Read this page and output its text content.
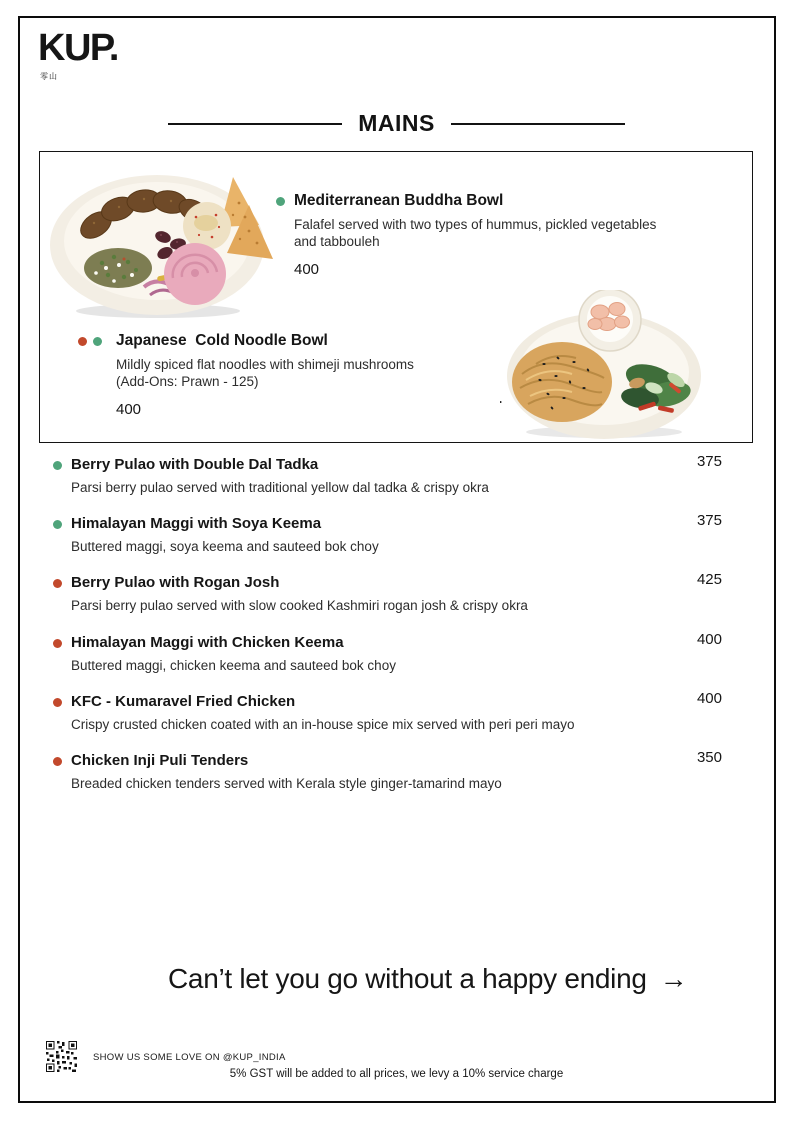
KUP.
零山
MAINS
Mediterranean Buddha Bowl
Falafel served with two types of hummus, pickled vegetables and tabbouleh
400
Japanese  Cold Noodle Bowl
Mildly spiced flat noodles with shimeji mushrooms
(Add-Ons: Prawn - 125)
400
Berry Pulao with Double Dal Tadka	375
Parsi berry pulao served with traditional yellow dal tadka & crispy okra
Himalayan Maggi with Soya Keema	375
Buttered maggi, soya keema and sauteed bok choy
Berry Pulao with Rogan Josh	425
Parsi berry pulao served with slow cooked Kashmiri rogan josh & crispy okra
Himalayan Maggi with Chicken Keema	400
Buttered maggi, chicken keema and sauteed bok choy
KFC - Kumaravel Fried Chicken	400
Crispy crusted chicken coated with an in-house spice mix served with peri peri mayo
Chicken Inji Puli Tenders	350
Breaded chicken tenders served with Kerala style ginger-tamarind mayo
Can’t let you go without a happy ending →
SHOW US SOME LOVE ON @KUP_INDIA
5% GST will be added to all prices, we levy a 10% service charge
